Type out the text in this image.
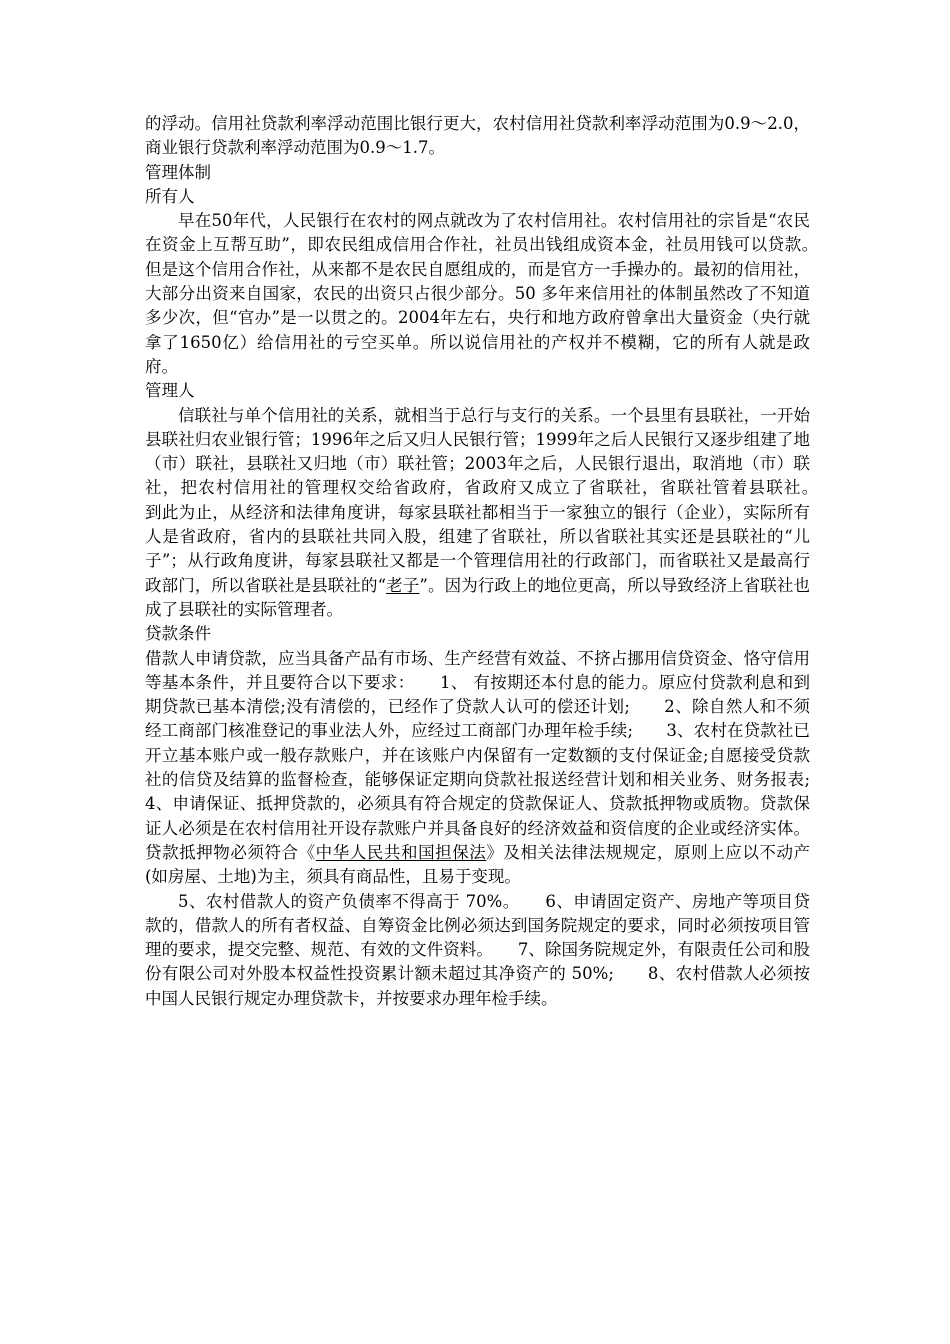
的浮动。信用社贷款利率浮动范围比银行更大，农村信用社贷款利率浮动范围为0.9～2.0，商业银行贷款利率浮动范围为0.9～1.7。

管理体制

所有人

早在50年代，人民银行在农村的网点就改为了农村信用社。农村信用社的宗旨是“农民在资金上互帮互助”，即农民组成信用合作社，社员出钱组成资本金，社员用钱可以贷款。　　但是这个信用合作社，从来都不是农民自愿组成的，而是官方一手操办的。最初的信用社，大部分出资来自国家，农民的出资只占很少部分。50 多年来信用社的体制虽然改了不知道多少次，但“官办”是一以贯之的。2004年左右，央行和地方政府曾拿出大量资金（央行就拿了1650亿）给信用社的亏空买单。所以说信用社的产权并不模糊，它的所有人就是政府。

管理人

信联社与单个信用社的关系，就相当于总行与支行的关系。一个县里有县联社，一开始县联社归农业银行管；1996年之后又归人民银行管；1999年之后人民银行又逐步组建了地（市）联社，县联社又归地（市）联社管；2003年之后，人民银行退出，取消地（市）联社，把农村信用社的管理权交给省政府，省政府又成立了省联社，省联社管着县联社。　　到此为止，从经济和法律角度讲，每家县联社都相当于一家独立的银行（企业），实际所有人是省政府，省内的县联社共同入股，组建了省联社，所以省联社其实还是县联社的“儿子”；从行政角度讲，每家县联社又都是一个管理信用社的行政部门，而省联社又是最高行政部门，所以省联社是县联社的“老子”。因为行政上的地位更高，所以导致经济上省联社也成了县联社的实际管理者。

贷款条件

借款人申请贷款，应当具备产品有市场、生产经营有效益、不挤占挪用信贷资金、恪守信用等基本条件，并且要符合以下要求：　　1、 有按期还本付息的能力。原应付贷款利息和到期贷款已基本清偿;没有清偿的，已经作了贷款人认可的偿还计划;　　2、除自然人和不须经工商部门核准登记的事业法人外，应经过工商部门办理年检手续;　　3、农村在贷款社已开立基本账户或一般存款账户，并在该账户内保留有一定数额的支付保证金;自愿接受贷款社的信贷及结算的监督检查，能够保证定期向贷款社报送经营计划和相关业务、财务报表;　　4、申请保证、抵押贷款的，必须具有符合规定的贷款保证人、贷款抵押物或质物。贷款保证人必须是在农村信用社开设存款账户并具备良好的经济效益和资信度的企业或经济实体。贷款抵押物必须符合《中华人民共和国担保法》及相关法律法规规定，原则上应以不动产(如房屋、土地)为主，须具有商品性，且易于变现。

5、农村借款人的资产负债率不得高于 70%。　　6、申请固定资产、房地产等项目贷款的，借款人的所有者权益、自筹资金比例必须达到国务院规定的要求，同时必须按项目管理的要求，提交完整、规范、有效的文件资料。　　7、除国务院规定外，有限责任公司和股份有限公司对外股本权益性投资累计额未超过其净资产的 50%;　　8、农村借款人必须按中国人民银行规定办理贷款卡，并按要求办理年检手续。
